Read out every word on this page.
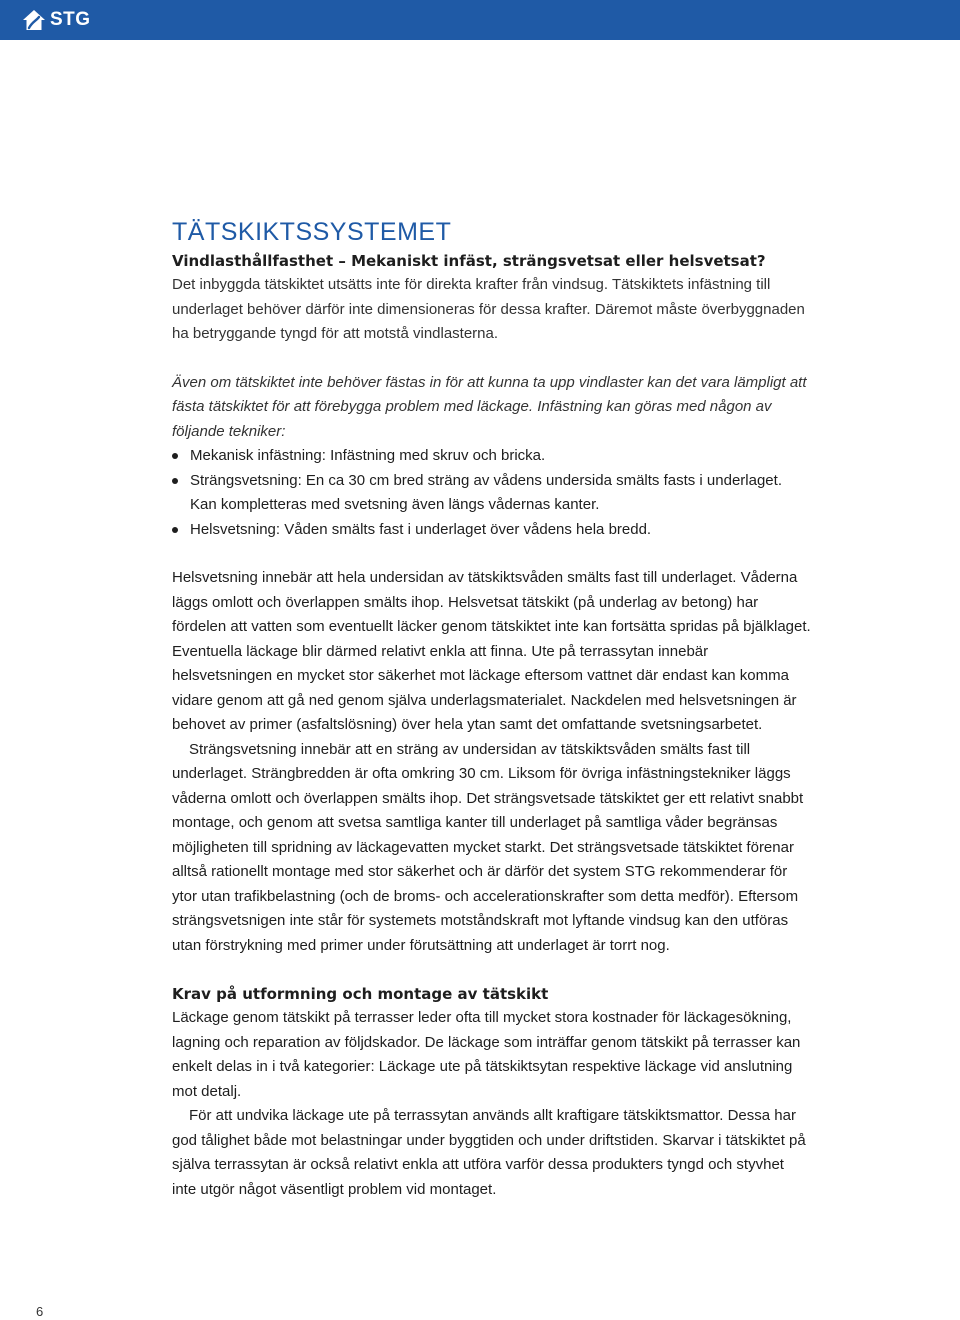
STG
TÄTSKIKTSSYSTEMET

Vindlasthållfasthet – Mekaniskt infäst, strängsvetsat eller helsvetsat?

Det inbyggda tätskiktet utsätts inte för direkta krafter från vindsug. Tätskiktets infästning till underlaget behöver därför inte dimensioneras för dessa krafter. Däremot måste överbyggnaden ha betryggande tyngd för att motstå vindlasterna.

Även om tätskiktet inte behöver fästas in för att kunna ta upp vindlaster kan det vara lämpligt att fästa tätskiktet för att förebygga problem med läckage. Infästning kan göras med någon av följande tekniker:

Mekanisk infästning: Infästning med skruv och bricka.
Strängsvetsning: En ca 30 cm bred sträng av vådens undersida smälts fasts i underlaget. Kan kompletteras med svetsning även längs vådernas kanter.
Helsvetsning: Våden smälts fast i underlaget över vådens hela bredd.

Helsvetsning innebär att hela undersidan av tätskiktsvåden smälts fast till underlaget. Våderna läggs omlott och överlappen smälts ihop. Helsvetsat tätskikt (på underlag av betong) har fördelen att vatten som eventuellt läcker genom tätskiktet inte kan fortsätta spridas på bjälklaget. Eventuella läckage blir därmed relativt enkla att finna. Ute på terrassytan innebär helsvetsningen en mycket stor säkerhet mot läckage eftersom vattnet där endast kan komma vidare genom att gå ned genom själva underlagsmaterialet. Nackdelen med helsvetsningen är behovet av primer (asfaltslösning) över hela ytan samt det omfattande svetsningsarbetet.

Strängsvetsning innebär att en sträng av undersidan av tätskiktsvåden smälts fast till underlaget. Strängbredden är ofta omkring 30 cm. Liksom för övriga infästningstekniker läggs våderna omlott och överlappen smälts ihop. Det strängsvetsade tätskiktet ger ett relativt snabbt montage, och genom att svetsa samtliga kanter till underlaget på samtliga våder begränsas möjligheten till spridning av läckagevatten mycket starkt. Det strängsvetsade tätskiktet förenar alltså rationellt montage med stor säkerhet och är därför det system STG rekommenderar för ytor utan trafikbelastning (och de broms- och accelerationskrafter som detta medför). Eftersom strängsvetsnigen inte står för systemets motståndskraft mot lyftande vindsug kan den utföras utan förstrykning med primer under förutsättning att underlaget är torrt nog.

Krav på utformning och montage av tätskikt

Läckage genom tätskikt på terrasser leder ofta till mycket stora kostnader för läckagesökning, lagning och reparation av följdskador. De läckage som inträffar genom tätskikt på terrasser kan enkelt delas in i två kategorier: Läckage ute på tätskiktsytan respektive läckage vid anslutning mot detalj.

För att undvika läckage ute på terrassytan används allt kraftigare tätskiktsmattor. Dessa har god tålighet både mot belastningar under byggtiden och under driftstiden. Skarvar i tätskiktet på själva terrassytan är också relativt enkla att utföra varför dessa produkters tyngd och styvhet inte utgör något väsentligt problem vid montaget.

6
